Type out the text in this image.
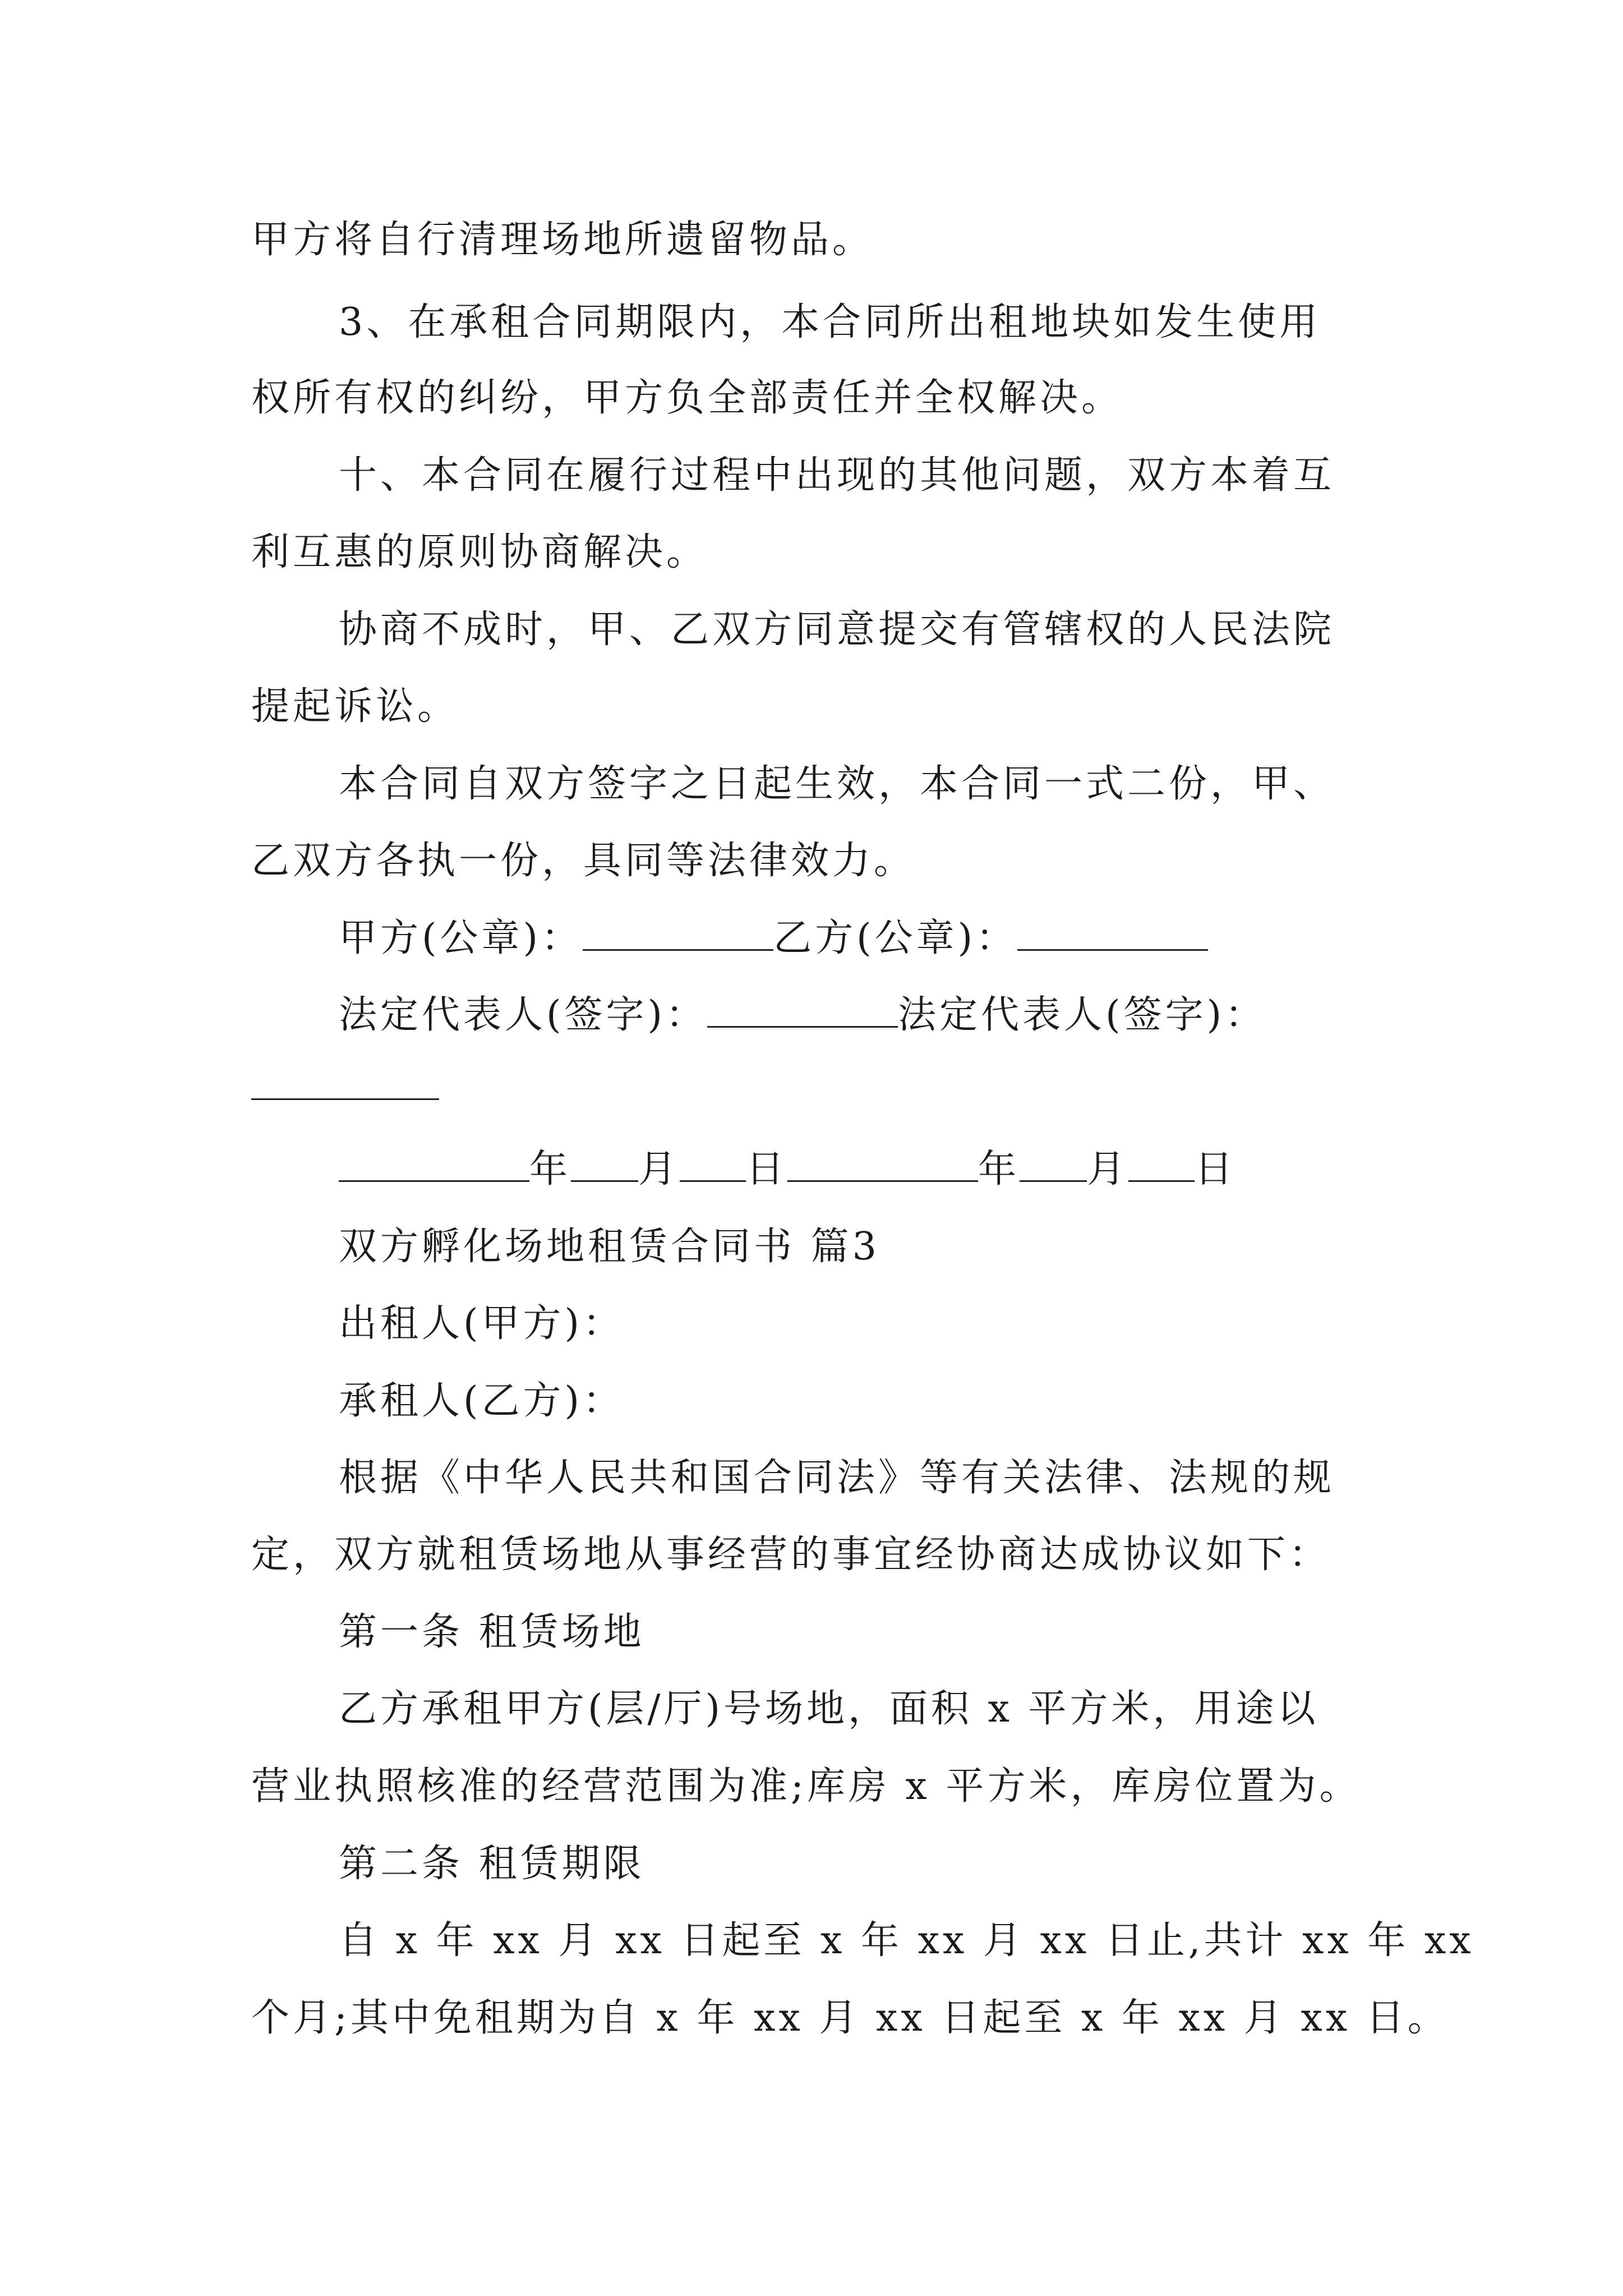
甲方将自行清理场地所遗留物品。
3、在承租合同期限内，本合同所出租地块如发生使用
权所有权的纠纷，甲方负全部责任并全权解决。
十、本合同在履行过程中出现的其他问题，双方本着互
利互惠的原则协商解决。
协商不成时，甲、乙双方同意提交有管辖权的人民法院
提起诉讼。
本合同自双方签字之日起生效，本合同一式二份，甲、
乙双方各执一份，具同等法律效力。
甲方(公章)：	乙方(公章)：
法定代表人(签字)：	法定代表人(签字)：
年 月 日	年 月 日
双方孵化场地租赁合同书 篇3
出租人(甲方)：
承租人(乙方)：
根据《中华人民共和国合同法》等有关法律、法规的规
定，双方就租赁场地从事经营的事宜经协商达成协议如下：
第一条 租赁场地
乙方承租甲方(层/厅)号场地，面积 x 平方米，用途以
营业执照核准的经营范围为准;库房 x 平方米，库房位置为。
第二条 租赁期限
自 x 年 xx 月 xx 日起至 x 年 xx 月 xx 日止,共计 xx 年 xx
个月;其中免租期为自 x 年 xx 月 xx 日起至 x 年 xx 月 xx 日。
